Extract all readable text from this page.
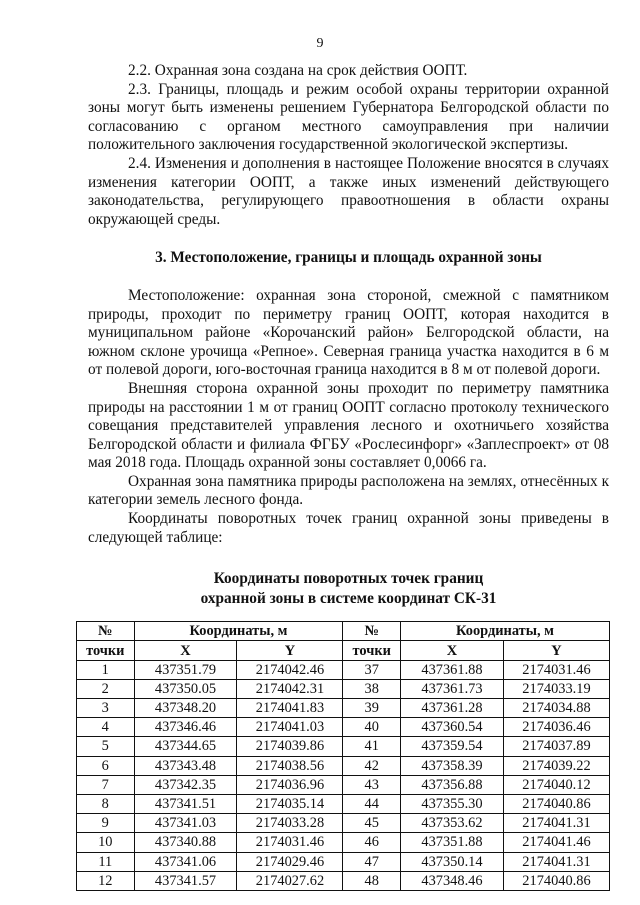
9

2.2. Охранная зона создана на срок действия ООПТ.

2.3. Границы, площадь и режим особой охраны территории охранной зоны могут быть изменены решением Губернатора Белгородской области по согласованию с органом местного самоуправления при наличии положительного заключения государственной экологической экспертизы.

2.4. Изменения и дополнения в настоящее Положение вносятся в случаях изменения категории ООПТ, а также иных изменений действующего законодательства, регулирующего правоотношения в области охраны окружающей среды.

3. Местоположение, границы и площадь охранной зоны

Местоположение: охранная зона стороной, смежной с памятником природы, проходит по периметру границ ООПТ, которая находится в муниципальном районе «Корочанский район» Белгородской области, на южном склоне урочища «Репное». Северная граница участка находится в 6 м от полевой дороги, юго-восточная граница находится в 8 м от полевой дороги.

Внешняя сторона охранной зоны проходит по периметру памятника природы на расстоянии 1 м от границ ООПТ согласно протоколу технического совещания представителей управления лесного и охотничьего хозяйства Белгородской области и филиала ФГБУ «Рослесинфорг» «Заплеспроект» от 08 мая 2018 года. Площадь охранной зоны составляет 0,0066 га.

Охранная зона памятника природы расположена на землях, отнесённых к категории земель лесного фонда.

Координаты поворотных точек границ охранной зоны приведены в следующей таблице:

Координаты поворотных точек границ
охранной зоны в системе координат СК-31
№	Координаты, м		№	Координаты, м	
точки	X	Y	точки	X	Y
1	437351.79	2174042.46	37	437361.88	2174031.46
2	437350.05	2174042.31	38	437361.73	2174033.19
3	437348.20	2174041.83	39	437361.28	2174034.88
4	437346.46	2174041.03	40	437360.54	2174036.46
5	437344.65	2174039.86	41	437359.54	2174037.89
6	437343.48	2174038.56	42	437358.39	2174039.22
7	437342.35	2174036.96	43	437356.88	2174040.12
8	437341.51	2174035.14	44	437355.30	2174040.86
9	437341.03	2174033.28	45	437353.62	2174041.31
10	437340.88	2174031.46	46	437351.88	2174041.46
11	437341.06	2174029.46	47	437350.14	2174041.31
12	437341.57	2174027.62	48	437348.46	2174040.86
